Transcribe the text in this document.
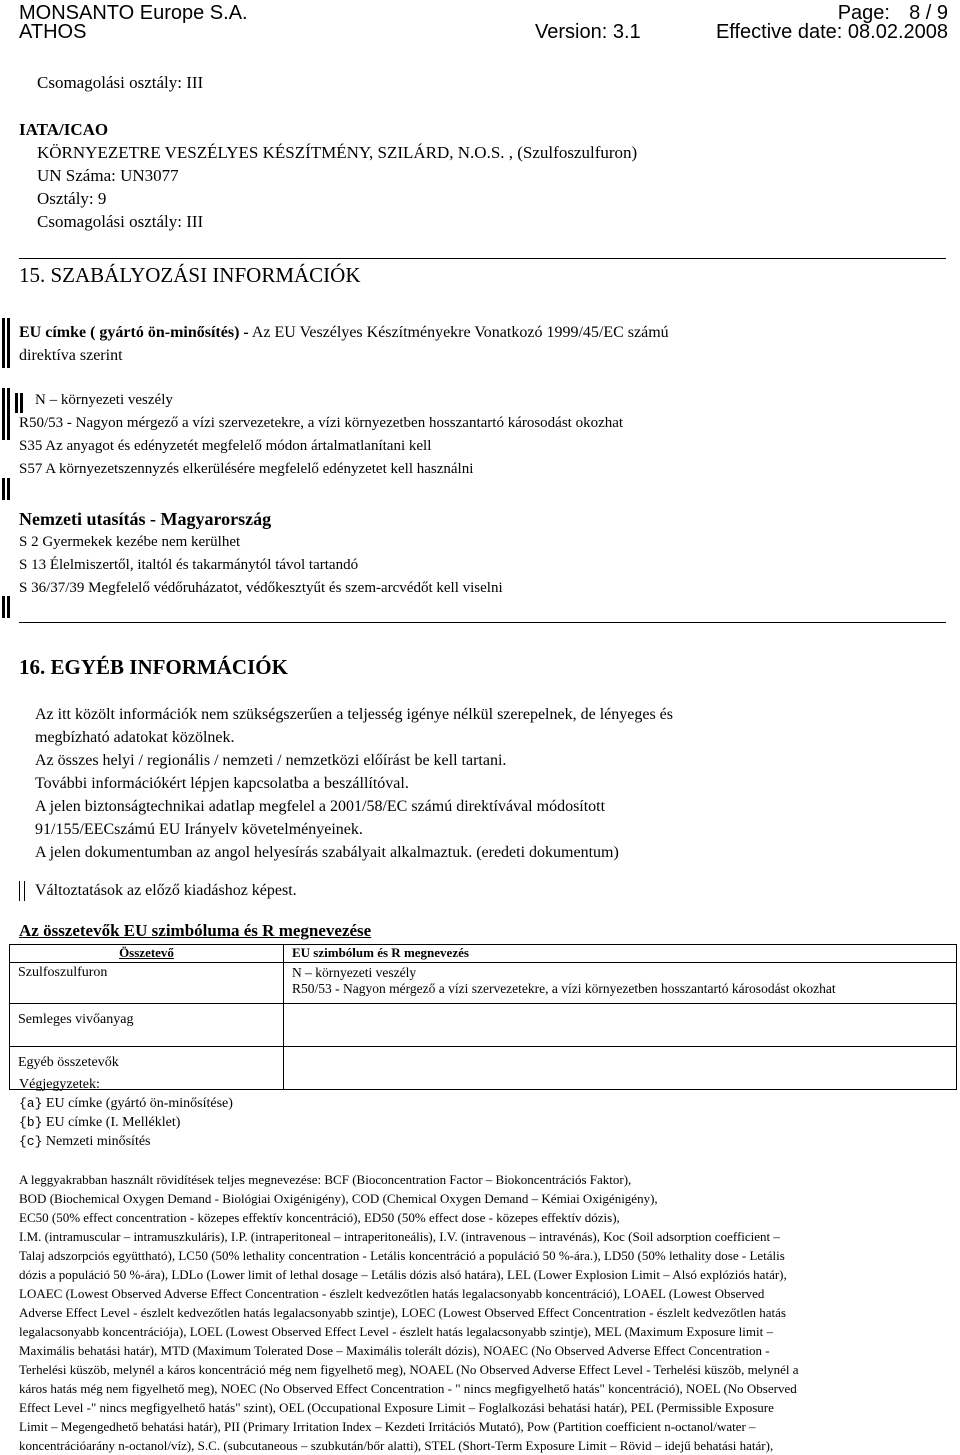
MONSANTO Europe S.A.	Page: 8 / 9
ATHOS	Version: 3.1	Effective date: 08.02.2008
Csomagolási osztály: III
IATA/ICAO
KÖRNYEZETRE VESZÉLYES KÉSZÍTMÉNY, SZILÁRD, N.O.S. , (Szulfoszulfuron)
UN Száma: UN3077
Osztály: 9
Csomagolási osztály: III
15. SZABÁLYOZÁSI INFORMÁCIÓK
EU címke ( gyártó ön-minősítés) - Az EU Veszélyes Készítményekre Vonatkozó 1999/45/EC számú
direktíva szerint
N – környezeti veszély
R50/53 - Nagyon mérgező a vízi szervezetekre, a vízi környezetben hosszantartó károsodást okozhat
S35 Az anyagot és edényzetét megfelelő módon ártalmatlanítani kell
S57 A környezetszennyzés elkerülésére megfelelő edényzetet kell használni
Nemzeti utasítás - Magyarország
S 2 Gyermekek kezébe nem kerülhet
S 13 Élelmiszertől, italtól és takarmánytól távol tartandó
S 36/37/39 Megfelelő védőruházatot, védőkesztyűt és szem-arcvédőt kell viselni
16. EGYÉB INFORMÁCIÓK
Az itt közölt információk nem szükségszerűen a teljesség igénye nélkül szerepelnek, de lényeges és
megbízható adatokat közölnek.
Az összes helyi / regionális / nemzeti / nemzetközi előírást be kell tartani.
További információkért lépjen kapcsolatba a beszállítóval.
A jelen biztonságtechnikai adatlap megfelel a 2001/58/EC számú direktívával módosított
91/155/EECszámú EU Irányelv követelményeinek.
A jelen dokumentumban az angol helyesírás szabályait alkalmaztuk. (eredeti dokumentum)
Változtatások az előző kiadáshoz képest.
Az összetevők EU szimbóluma és R megnevezése
Összetevő	EU szimbólum és R megnevezés
Szulfoszulfuron	N – környezeti veszély
R50/53 - Nagyon mérgező a vízi szervezetekre, a vízi környezetben hosszantartó károsodást okozhat

Semleges vivőanyag	
Egyéb összetevők	
Végjegyzetek:
{a} EU címke (gyártó ön-minősítése)
{b} EU címke (I. Melléklet)
{c} Nemzeti minősítés
A leggyakrabban használt rövidítések teljes megnevezése: BCF (Bioconcentration Factor – Biokoncentrációs Faktor),
BOD (Biochemical Oxygen Demand - Biológiai Oxigénigény), COD (Chemical Oxygen Demand – Kémiai Oxigénigény),
EC50 (50% effect concentration - közepes effektív koncentráció), ED50 (50% effect dose - közepes effektív dózis),
I.M. (intramuscular – intramuszkuláris), I.P. (intraperitoneal – intraperitoneális), I.V. (intravenous – intravénás), Koc (Soil adsorption coefficient –
Talaj adszorpciós együttható), LC50 (50% lethality concentration - Letális koncentráció a populáció 50 %-ára.), LD50 (50% lethality dose - Letális
dózis a populáció 50 %-ára), LDLo (Lower limit of lethal dosage – Letális dózis alsó határa), LEL (Lower Explosion Limit – Alsó explóziós határ),
LOAEC (Lowest Observed Adverse Effect Concentration - észlelt kedvezőtlen hatás legalacsonyabb koncentráció), LOAEL (Lowest Observed
Adverse Effect Level - észlelt kedvezőtlen hatás legalacsonyabb szintje), LOEC (Lowest Observed Effect Concentration - észlelt kedvezőtlen hatás
legalacsonyabb koncentrációja), LOEL (Lowest Observed Effect Level - észlelt hatás legalacsonyabb szintje), MEL (Maximum Exposure limit –
Maximális behatási határ), MTD (Maximum Tolerated Dose – Maximális tolerált dózis), NOAEC (No Observed Adverse Effect Concentration -
Terhelési küszöb, melynél a káros koncentráció még nem figyelhető meg), NOAEL (No Observed Adverse Effect Level - Terhelési küszöb, melynél a
káros hatás még nem figyelhető meg), NOEC (No Observed Effect Concentration - " nincs megfigyelhető hatás" koncentráció), NOEL (No Observed
Effect Level -" nincs megfigyelhető hatás" szint), OEL (Occupational Exposure Limit – Foglalkozási behatási határ), PEL (Permissible Exposure
Limit – Megengedhető behatási határ), PII (Primary Irritation Index – Kezdeti Irritációs Mutató), Pow (Partition coefficient n-octanol/water –
koncentrációarány n-octanol/víz), S.C. (subcutaneous – szubkután/bőr alatti), STEL (Short-Term Exposure Limit – Rövid – idejű behatási határ),
